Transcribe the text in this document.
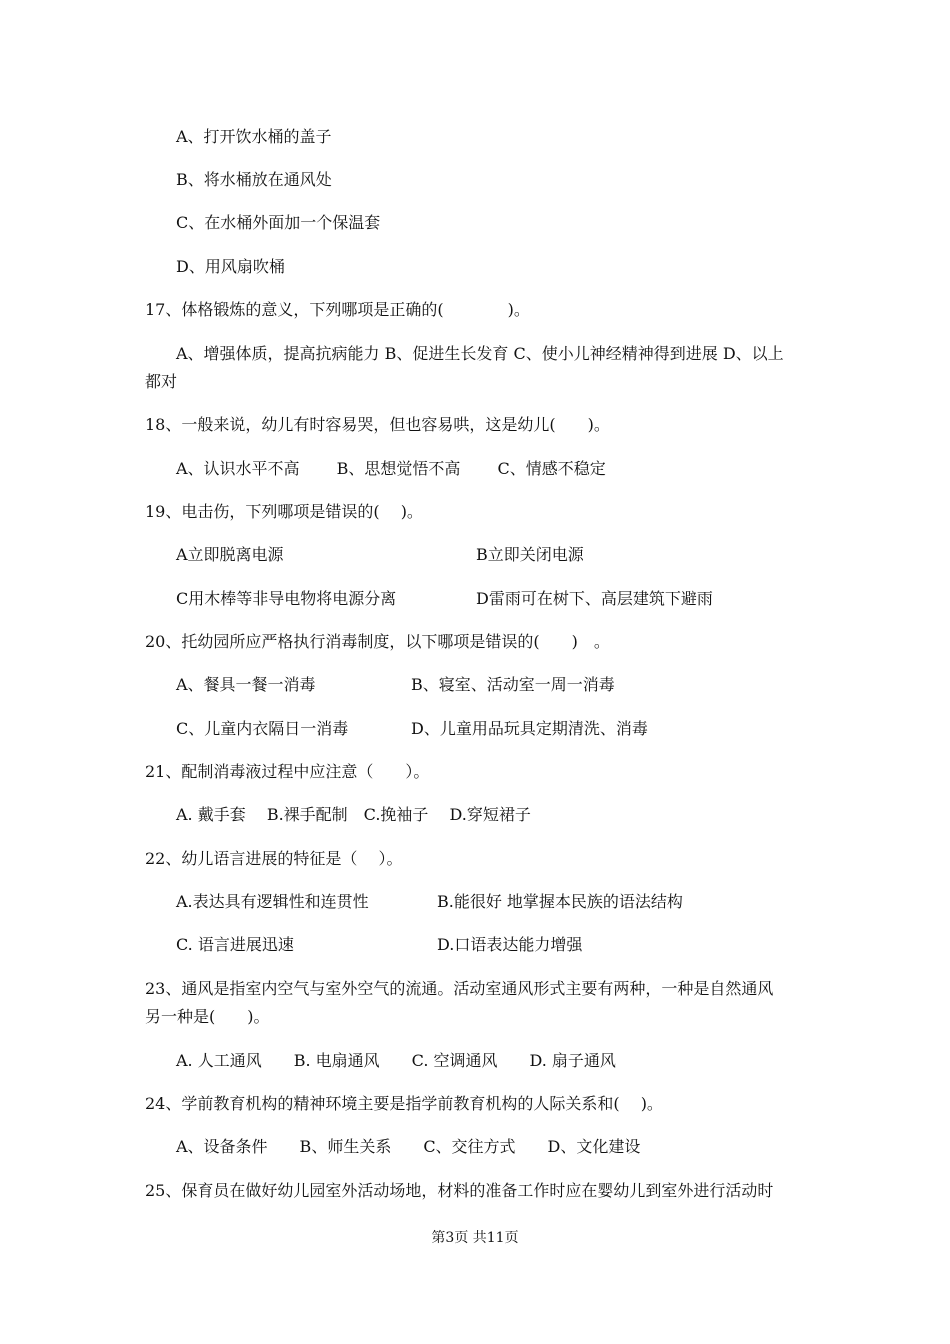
A、打开饮水桶的盖子
B、将水桶放在通风处
C、在水桶外面加一个保温套
D、用风扇吹桶
17、体格锻炼的意义，下列哪项是正确的(　　　　)。
A、增强体质，提高抗病能力 B、促进生长发育 C、使小儿神经精神得到进展 D、以上
都对
18、一般来说，幼儿有时容易哭，但也容易哄，这是幼儿(　　)。
A、认识水平不高　　 B、思想觉悟不高　　 C、情感不稳定
19、电击伤，下列哪项是错误的(　 )。
A立即脱离电源	B立即关闭电源
C用木棒等非导电物将电源分离	D雷雨可在树下、高层建筑下避雨
20、托幼园所应严格执行消毒制度，以下哪项是错误的(　　)　。
A、餐具一餐一消毒	B、寝室、活动室一周一消毒
C、儿童内衣隔日一消毒	D、儿童用品玩具定期清洗、消毒
21、配制消毒液过程中应注意（　　）。
A. 戴手套　 B.裸手配制　C.挽袖子　 D.穿短裙子
22、幼儿语言进展的特征是（　 ）。
A.表达具有逻辑性和连贯性	B.能很好 地掌握本民族的语法结构
C. 语言进展迅速	D.口语表达能力增强
23、通风是指室内空气与室外空气的流通。活动室通风形式主要有两种，一种是自然通风
另一种是(　　)。
A. 人工通风　　B. 电扇通风　　C. 空调通风　　D. 扇子通风
24、学前教育机构的精神环境主要是指学前教育机构的人际关系和(　 )。
A、设备条件　　B、师生关系　　C、交往方式　　D、文化建设
25、保育员在做好幼儿园室外活动场地，材料的准备工作时应在婴幼儿到室外进行活动时
第3页 共11页
